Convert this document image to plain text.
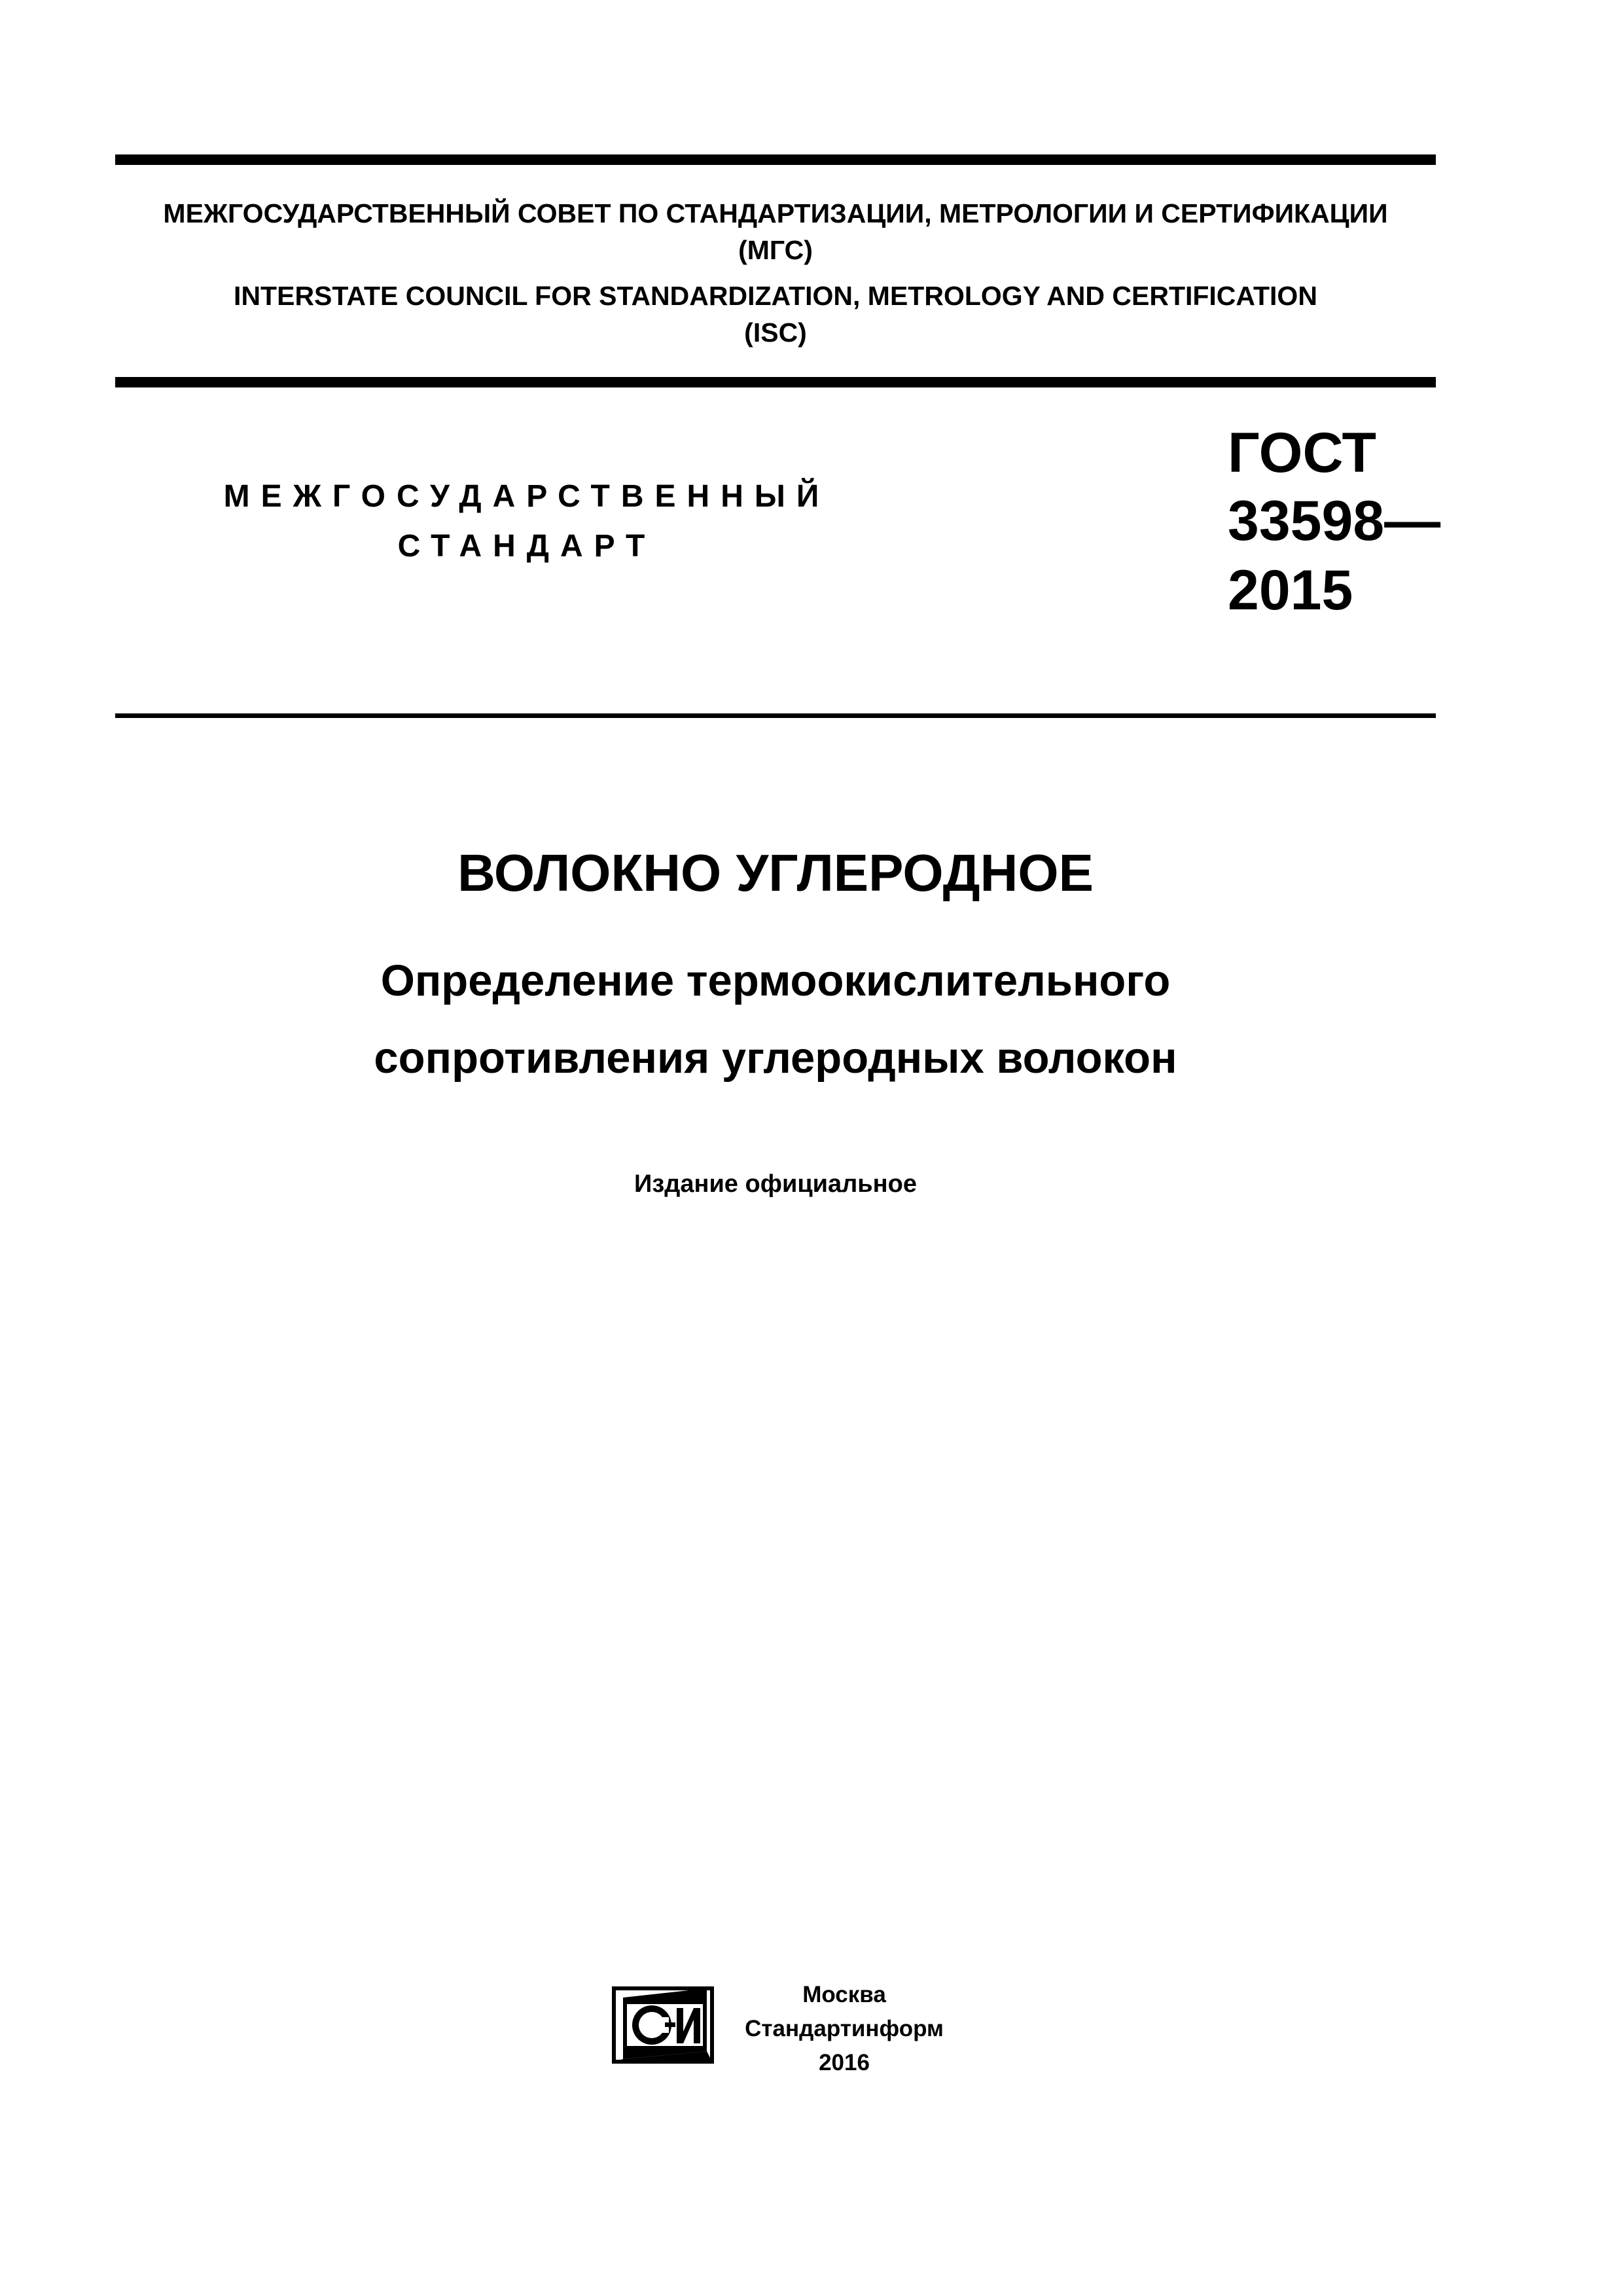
МЕЖГОСУДАРСТВЕННЫЙ СОВЕТ ПО СТАНДАРТИЗАЦИИ, МЕТРОЛОГИИ И СЕРТИФИКАЦИИ
(МГС)
INTERSTATE COUNCIL FOR STANDARDIZATION, METROLOGY AND CERTIFICATION
(ISC)
МЕЖГОСУДАРСТВЕННЫЙ
СТАНДАРТ
ГОСТ
33598—
2015
ВОЛОКНО УГЛЕРОДНОЕ
Определение термоокислительного
сопротивления углеродных волокон
Издание официальное
Москва
Стандартинформ
2016
